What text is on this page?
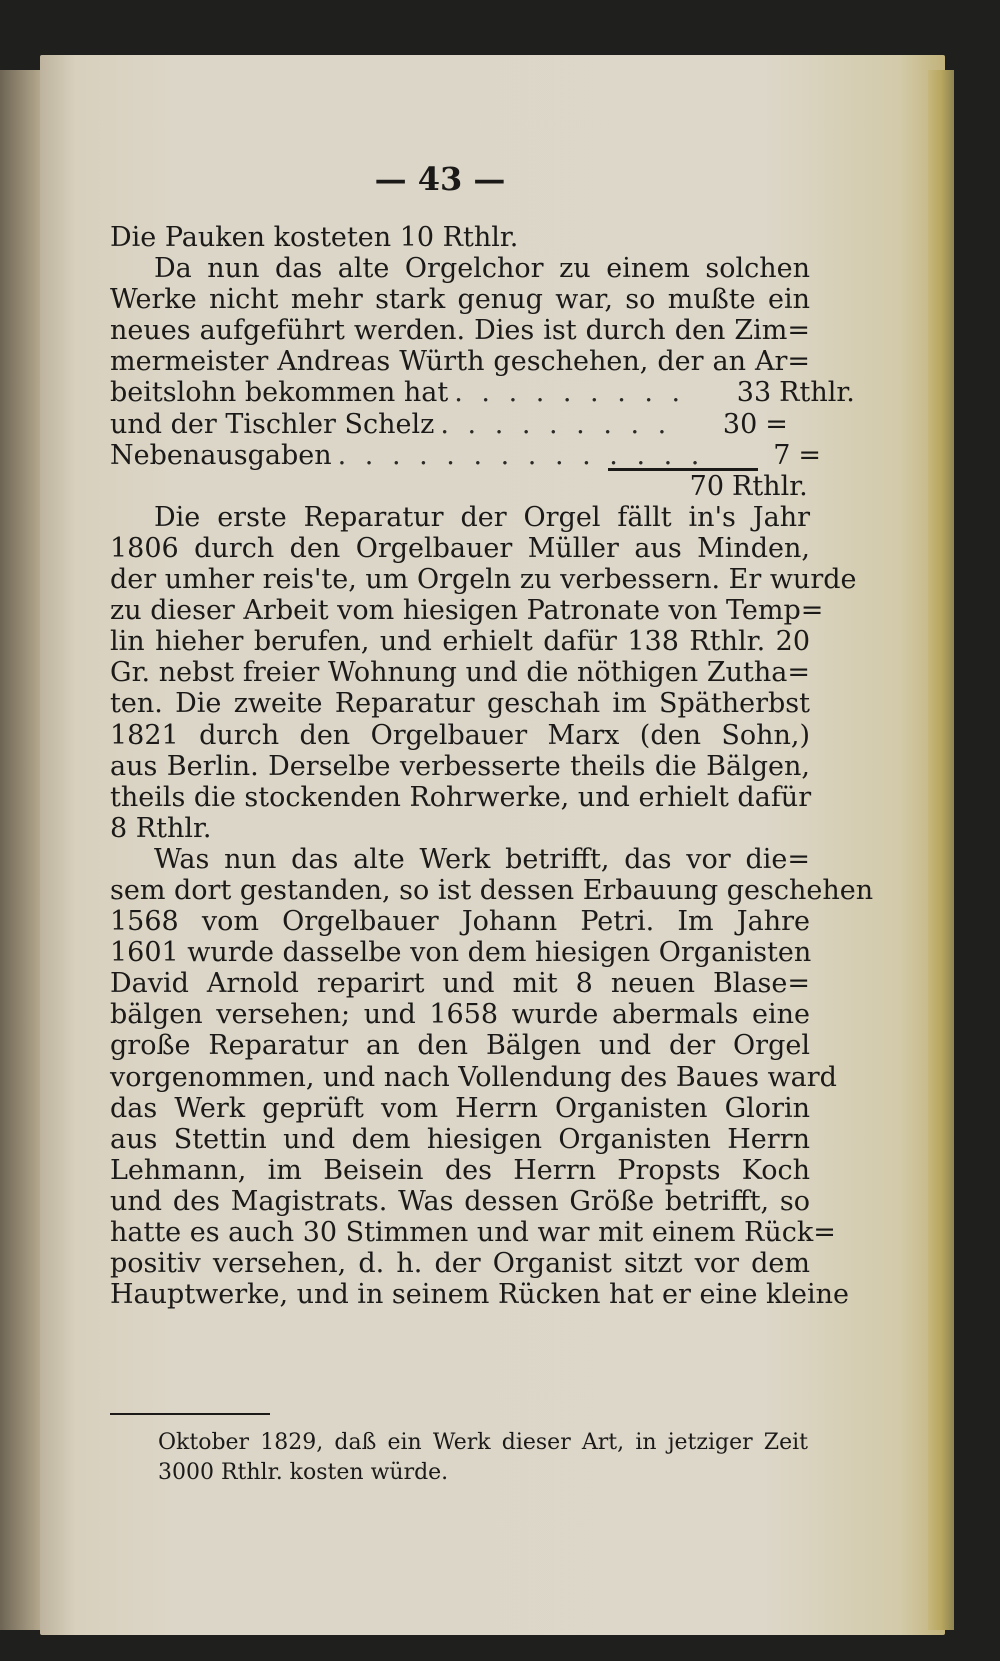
— 43 —
Die Pauken kosteten 10 Rthlr.
Da nun das alte Orgelchor zu einem solchen
Werke nicht mehr stark genug war, so mußte ein
neues aufgeführt werden. Dies ist durch den Zim=
mermeister Andreas Würth geschehen, der an Ar=
beitslohn bekommen hat . . . . . . . . .	33 Rthlr.
und der Tischler Schelz . . . . . . . . .	30 =
Nebenausgaben . . . . . . . . . . . . . .	7 =
70 Rthlr.
Die erste Reparatur der Orgel fällt in's Jahr
1806 durch den Orgelbauer Müller aus Minden,
der umher reis'te, um Orgeln zu verbessern. Er wurde
zu dieser Arbeit vom hiesigen Patronate von Temp=
lin hieher berufen, und erhielt dafür 138 Rthlr. 20
Gr. nebst freier Wohnung und die nöthigen Zutha=
ten. Die zweite Reparatur geschah im Spätherbst
1821 durch den Orgelbauer Marx (den Sohn,)
aus Berlin. Derselbe verbesserte theils die Bälgen,
theils die stockenden Rohrwerke, und erhielt dafür
8 Rthlr.
Was nun das alte Werk betrifft, das vor die=
sem dort gestanden, so ist dessen Erbauung geschehen
1568 vom Orgelbauer Johann Petri. Im Jahre
1601 wurde dasselbe von dem hiesigen Organisten
David Arnold reparirt und mit 8 neuen Blase=
bälgen versehen; und 1658 wurde abermals eine
große Reparatur an den Bälgen und der Orgel
vorgenommen, und nach Vollendung des Baues ward
das Werk geprüft vom Herrn Organisten Glorin
aus Stettin und dem hiesigen Organisten Herrn
Lehmann, im Beisein des Herrn Propsts Koch
und des Magistrats. Was dessen Größe betrifft, so
hatte es auch 30 Stimmen und war mit einem Rück=
positiv versehen, d. h. der Organist sitzt vor dem
Hauptwerke, und in seinem Rücken hat er eine kleine
Oktober 1829, daß ein Werk dieser Art, in jetziger Zeit
3000 Rthlr. kosten würde.
